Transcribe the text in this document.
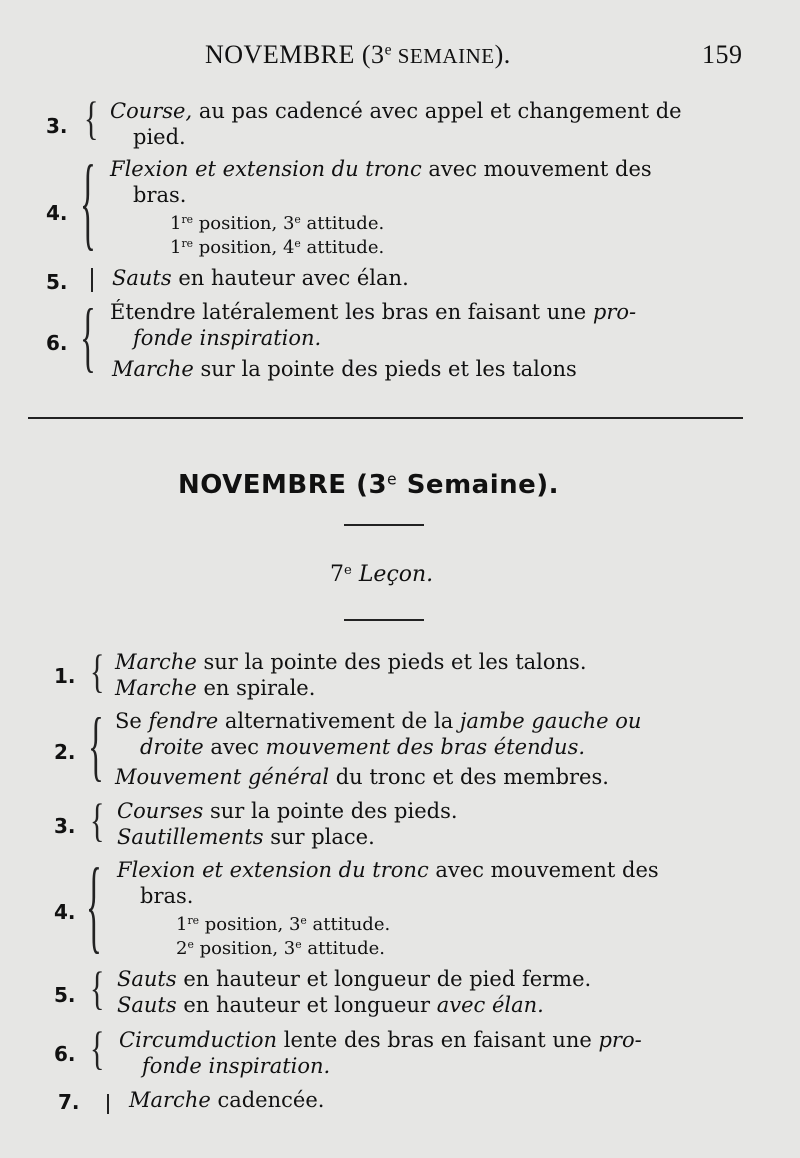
NOVEMBRE (3e SEMAINE).	159
3. { Course, au pas cadencé avec appel et changement de
pied.
4. { Flexion et extension du tronc avec mouvement des
bras.
1re position, 3e attitude.
1re position, 4e attitude.
5. Sauts en hauteur avec élan.
6. { Étendre latéralement les bras en faisant une pro-
fonde inspiration.
Marche sur la pointe des pieds et les talons
NOVEMBRE (3e Semaine).
7e Leçon.
1. { Marche sur la pointe des pieds et les talons.
Marche en spirale.
2. { Se fendre alternativement de la jambe gauche ou
droite avec mouvement des bras étendus.
Mouvement général du tronc et des membres.
3. { Courses sur la pointe des pieds.
Sautillements sur place.
4. { Flexion et extension du tronc avec mouvement des
bras.
1re position, 3e attitude.
2e position, 3e attitude.
5. { Sauts en hauteur et longueur de pied ferme.
Sauts en hauteur et longueur avec élan.
6. { Circumduction lente des bras en faisant une pro-
fonde inspiration.
7. Marche cadencée.
